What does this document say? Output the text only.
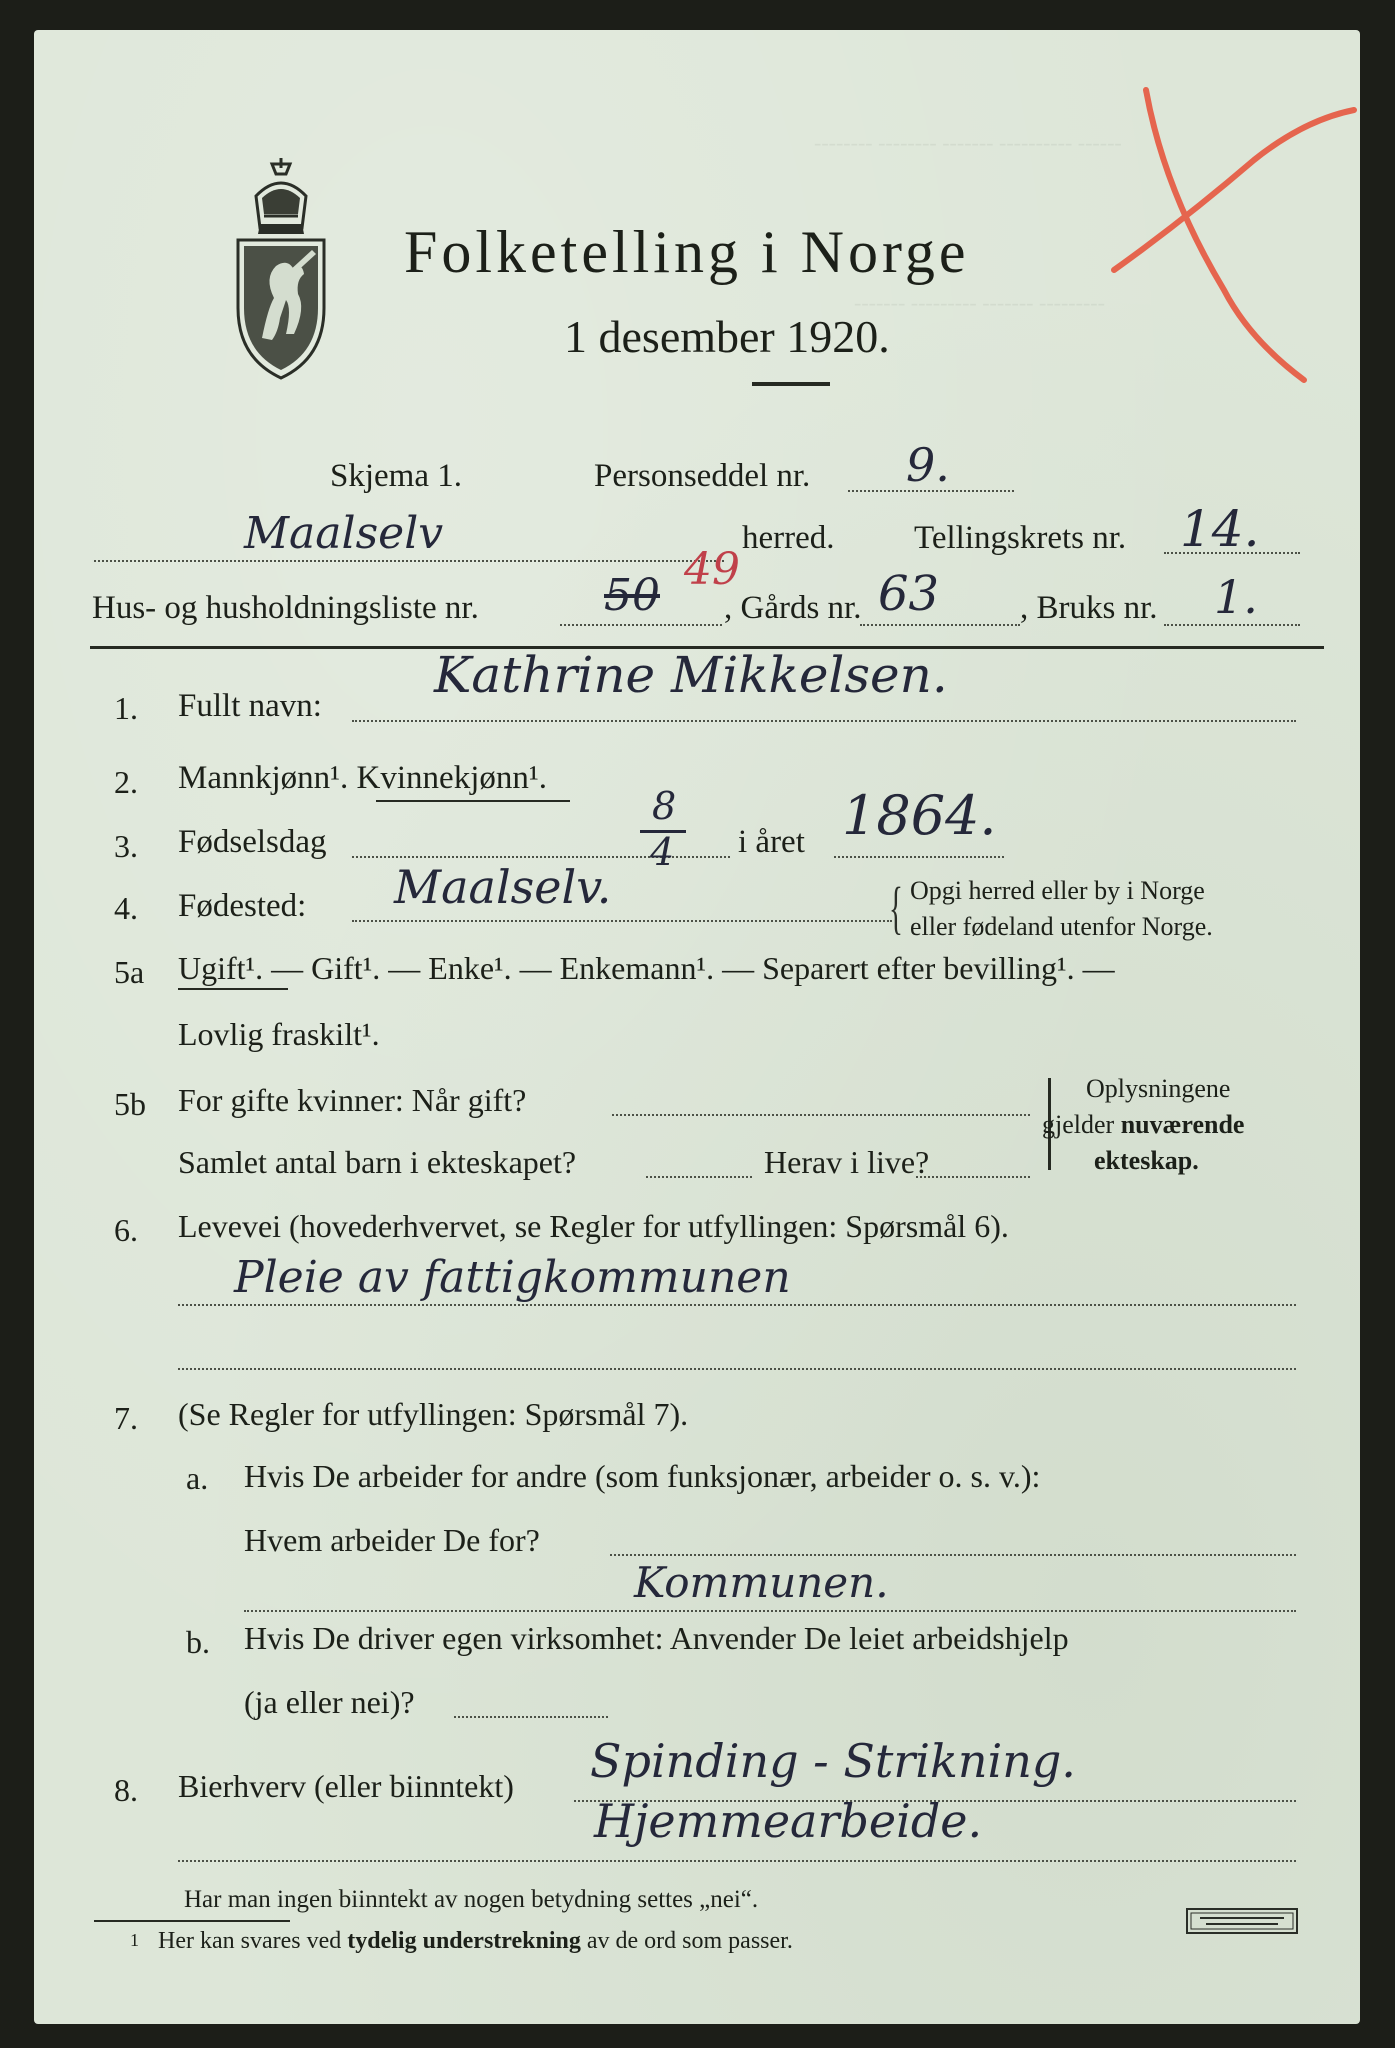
-------- -------- ------- ---------- ------
------- --------- ------- ---------
Folketelling i Norge
1 desember 1920.
Skjema 1.	Personseddel nr. 9.
Maalselv	herred. Tellingskrets nr. 14.
Hus- og husholdningsliste nr.	50
49
, Gårds nr. 63 , Bruks nr. 1.
1. Fullt navn:
Kathrine Mikkelsen.
2. Mannkjønn¹. Kvinnekjønn¹.
3. Fødselsdag
8
4 i året 1864.
4. Fødested: Maalselv.	{ Opgi herred eller by i Norge
eller fødeland utenfor Norge.
5a Ugift¹. — Gift¹. — Enke¹. — Enkemann¹. — Separert efter bevilling¹. —
Lovlig fraskilt¹.
5b For gifte kvinner: Når gift?
Samlet antal barn i ekteskapet?	Herav i live?
Oplysningene
gjelder nuværende
ekteskap.
6. Levevei (hovederhvervet, se Regler for utfyllingen: Spørsmål 6).
Pleie av fattigkommunen
7. (Se Regler for utfyllingen: Spørsmål 7).
a. Hvis De arbeider for andre (som funksjonær, arbeider o. s. v.):
Hvem arbeider De for?
Kommunen.
b. Hvis De driver egen virksomhet: Anvender De leiet arbeidshjelp
(ja eller nei)?
8. Bierhverv (eller biinntekt) Spinding - Strikning.
Hjemmearbeide.
Har man ingen biinntekt av nogen betydning settes „nei“.
1 Her kan svares ved tydelig understrekning av de ord som passer.
